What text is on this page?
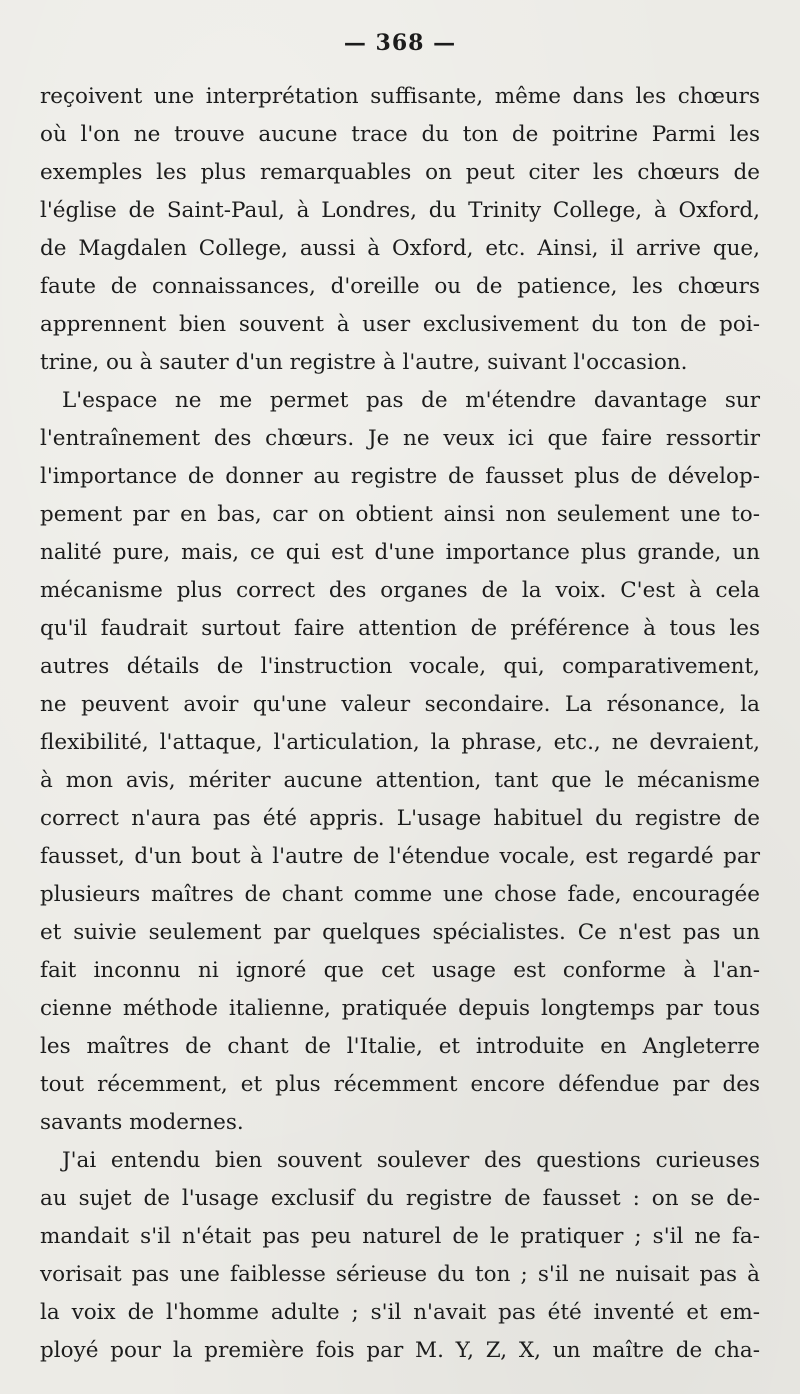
— 368 —
reçoivent une interprétation suffisante, même dans les chœurs
où l'on ne trouve aucune trace du ton de poitrine Parmi les
exemples les plus remarquables on peut citer les chœurs de
l'église de Saint-Paul, à Londres, du Trinity College, à Oxford,
de Magdalen College, aussi à Oxford, etc. Ainsi, il arrive que,
faute de connaissances, d'oreille ou de patience, les chœurs
apprennent bien souvent à user exclusivement du ton de poi-
trine, ou à sauter d'un registre à l'autre, suivant l'occasion.
L'espace ne me permet pas de m'étendre davantage sur
l'entraînement des chœurs. Je ne veux ici que faire ressortir
l'importance de donner au registre de fausset plus de dévelop-
pement par en bas, car on obtient ainsi non seulement une to-
nalité pure, mais, ce qui est d'une importance plus grande, un
mécanisme plus correct des organes de la voix. C'est à cela
qu'il faudrait surtout faire attention de préférence à tous les
autres détails de l'instruction vocale, qui, comparativement,
ne peuvent avoir qu'une valeur secondaire. La résonance, la
flexibilité, l'attaque, l'articulation, la phrase, etc., ne devraient,
à mon avis, mériter aucune attention, tant que le mécanisme
correct n'aura pas été appris. L'usage habituel du registre de
fausset, d'un bout à l'autre de l'étendue vocale, est regardé par
plusieurs maîtres de chant comme une chose fade, encouragée
et suivie seulement par quelques spécialistes. Ce n'est pas un
fait inconnu ni ignoré que cet usage est conforme à l'an-
cienne méthode italienne, pratiquée depuis longtemps par tous
les maîtres de chant de l'Italie, et introduite en Angleterre
tout récemment, et plus récemment encore défendue par des
savants modernes.
J'ai entendu bien souvent soulever des questions curieuses
au sujet de l'usage exclusif du registre de fausset : on se de-
mandait s'il n'était pas peu naturel de le pratiquer ; s'il ne fa-
vorisait pas une faiblesse sérieuse du ton ; s'il ne nuisait pas à
la voix de l'homme adulte ; s'il n'avait pas été inventé et em-
ployé pour la première fois par M. Y, Z, X, un maître de cha-
